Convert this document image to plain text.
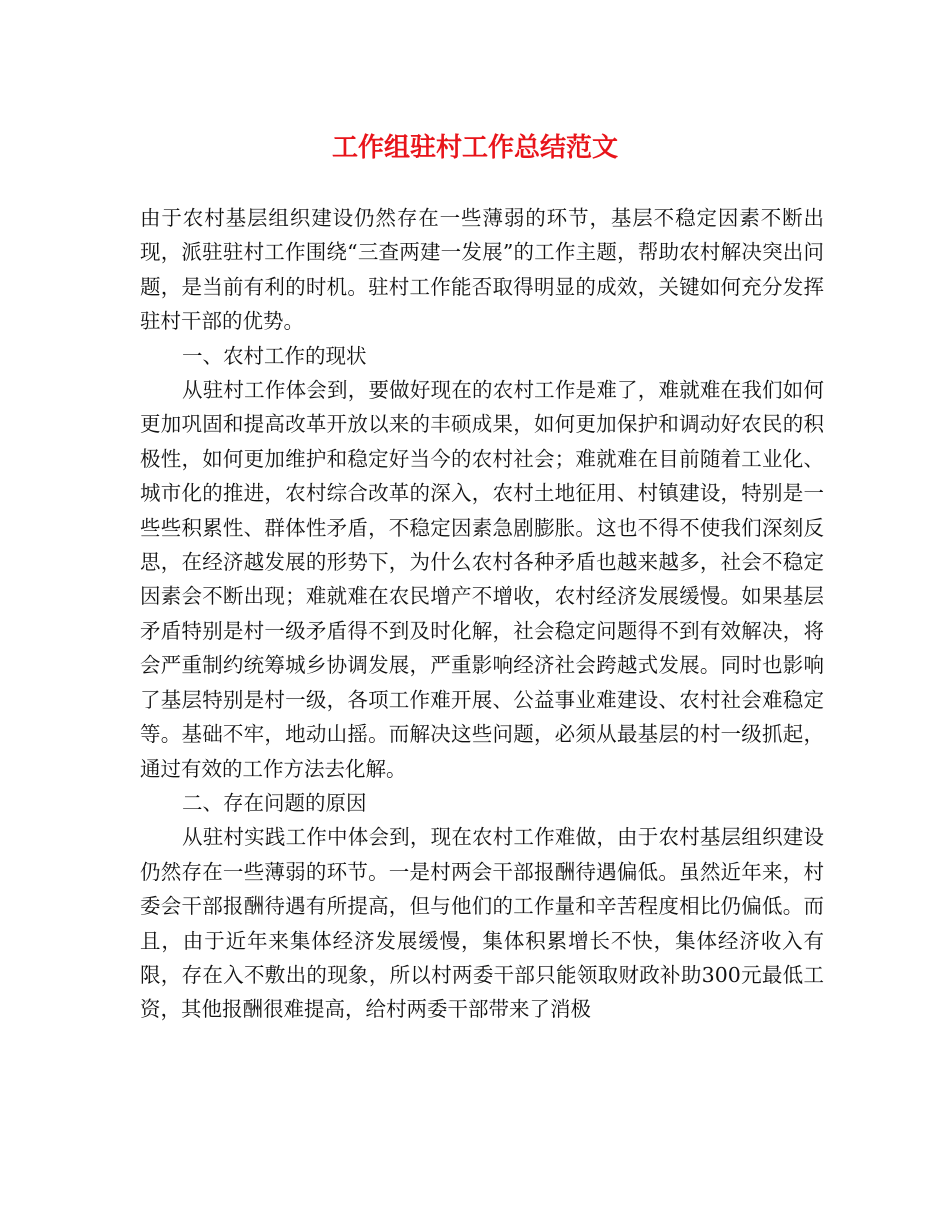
工作组驻村工作总结范文

由于农村基层组织建设仍然存在一些薄弱的环节，基层不稳定因素不断出现，派驻驻村工作围绕“三查两建一发展”的工作主题，帮助农村解决突出问题，是当前有利的时机。驻村工作能否取得明显的成效，关键如何充分发挥驻村干部的优势。

一、农村工作的现状

从驻村工作体会到，要做好现在的农村工作是难了，难就难在我们如何更加巩固和提高改革开放以来的丰硕成果，如何更加保护和调动好农民的积极性，如何更加维护和稳定好当今的农村社会；难就难在目前随着工业化、城市化的推进，农村综合改革的深入，农村土地征用、村镇建设，特别是一些些积累性、群体性矛盾，不稳定因素急剧膨胀。这也不得不使我们深刻反思，在经济越发展的形势下，为什么农村各种矛盾也越来越多，社会不稳定因素会不断出现；难就难在农民增产不增收，农村经济发展缓慢。如果基层矛盾特别是村一级矛盾得不到及时化解，社会稳定问题得不到有效解决，将会严重制约统筹城乡协调发展，严重影响经济社会跨越式发展。同时也影响了基层特别是村一级，各项工作难开展、公益事业难建设、农村社会难稳定等。基础不牢，地动山摇。而解决这些问题，必须从最基层的村一级抓起，通过有效的工作方法去化解。

二、存在问题的原因

从驻村实践工作中体会到，现在农村工作难做，由于农村基层组织建设仍然存在一些薄弱的环节。一是村两会干部报酬待遇偏低。虽然近年来，村委会干部报酬待遇有所提高，但与他们的工作量和辛苦程度相比仍偏低。而且，由于近年来集体经济发展缓慢，集体积累增长不快，集体经济收入有限，存在入不敷出的现象，所以村两委干部只能领取财政补助300元最低工资，其他报酬很难提高，给村两委干部带来了消极
